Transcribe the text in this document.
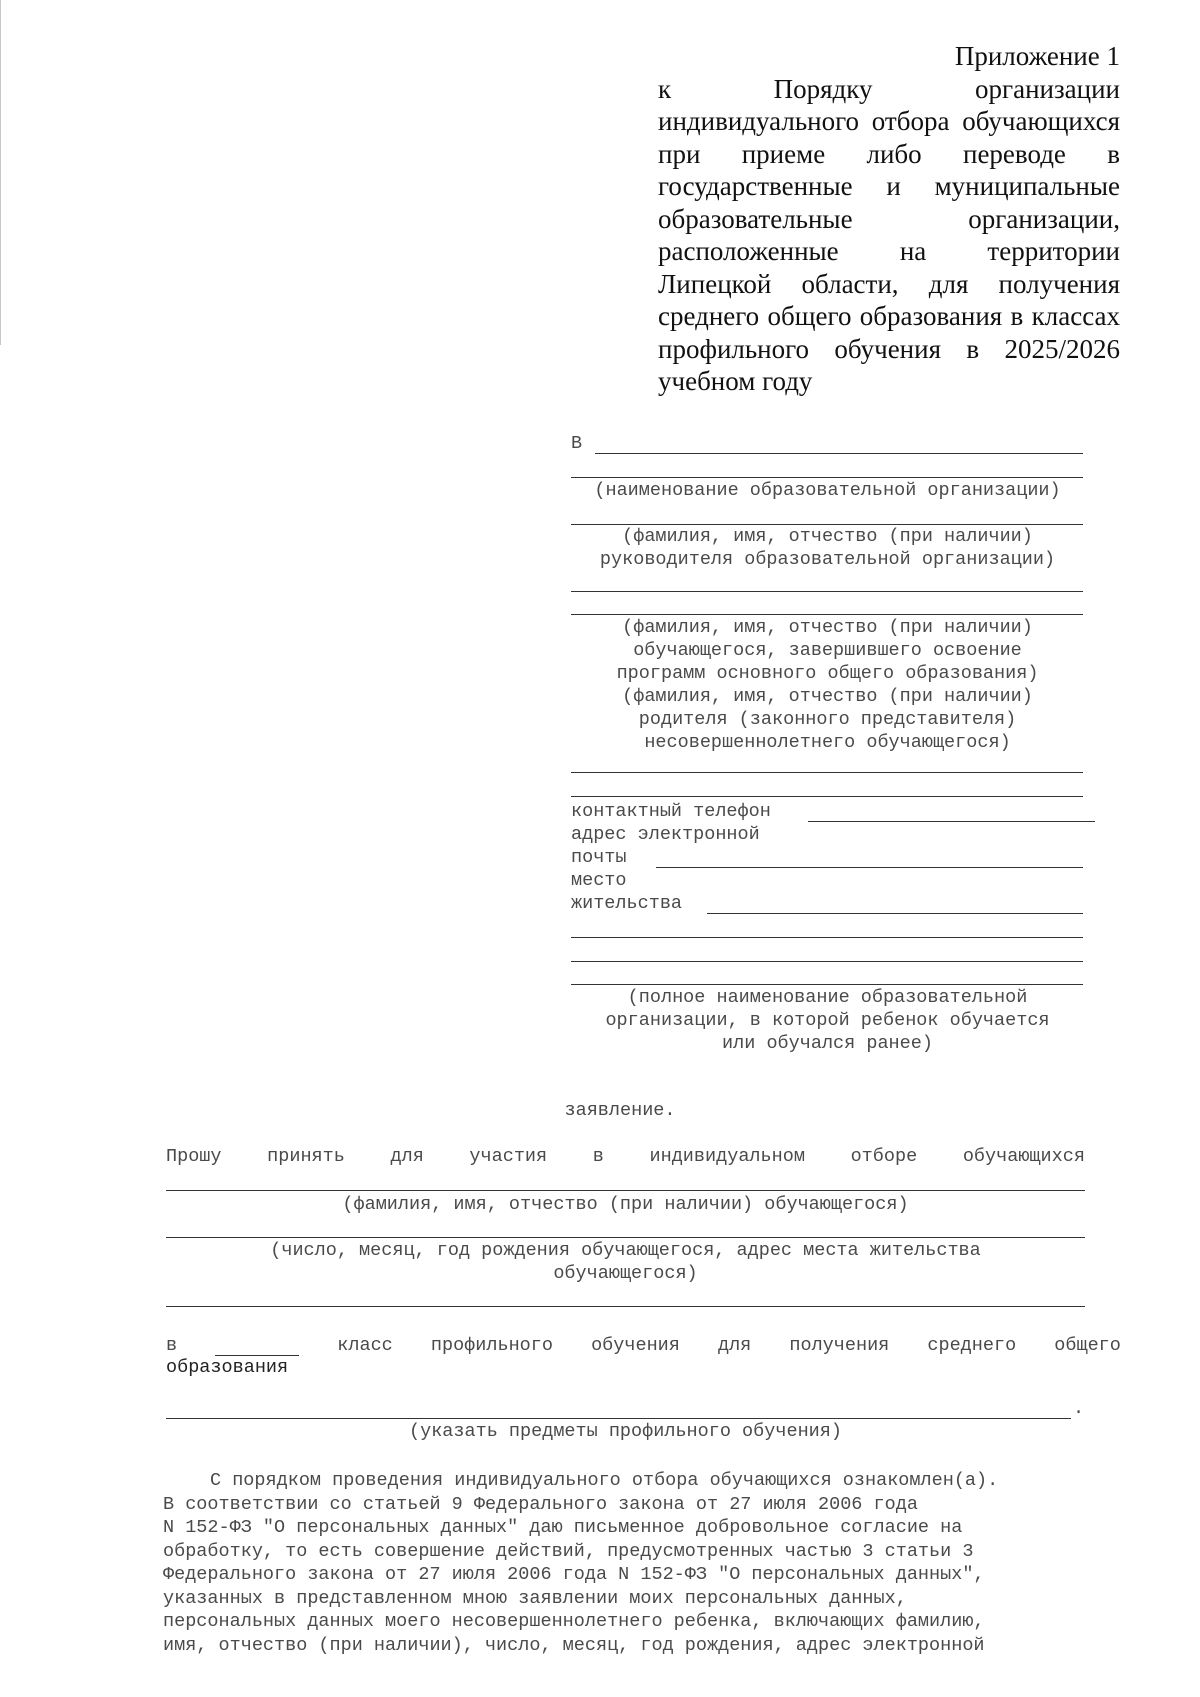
Приложение 1
к Порядку организации индивидуального отбора обучающихся при приеме либо переводе в государственные и муниципальные образовательные организации, расположенные на территории Липецкой области, для получения среднего общего образования в классах профильного обучения в 2025/2026 учебном году
В
(наименование образовательной организации)
(фамилия, имя, отчество (при наличии)
руководителя образовательной организации)
(фамилия, имя, отчество (при наличии)
обучающегося, завершившего освоение
программ основного общего образования)
(фамилия, имя, отчество (при наличии)
родителя (законного представителя)
несовершеннолетнего обучающегося)
контактный телефон
адрес электронной
почты
место
жительства
(полное наименование образовательной
организации, в которой ребенок обучается
или обучался ранее)
заявление.
Прошу принять для участия в индивидуальном отборе обучающихся
(фамилия, имя, отчество (при наличии) обучающегося)
(число, месяц, год рождения обучающегося, адрес места жительства
обучающегося)
в	класс профильного обучения для получения среднего общего
образования
.
(указать предметы профильного обучения)
С порядком проведения индивидуального отбора обучающихся ознакомлен(а).
В соответствии со статьей 9 Федерального закона от 27 июля 2006 года
N 152-ФЗ "О персональных данных" даю письменное добровольное согласие на
обработку, то есть совершение действий, предусмотренных частью 3 статьи 3
Федерального закона от 27 июля 2006 года N 152-ФЗ "О персональных данных",
указанных в представленном мною заявлении моих персональных данных,
персональных данных моего несовершеннолетнего ребенка, включающих фамилию,
имя, отчество (при наличии), число, месяц, год рождения, адрес электронной
